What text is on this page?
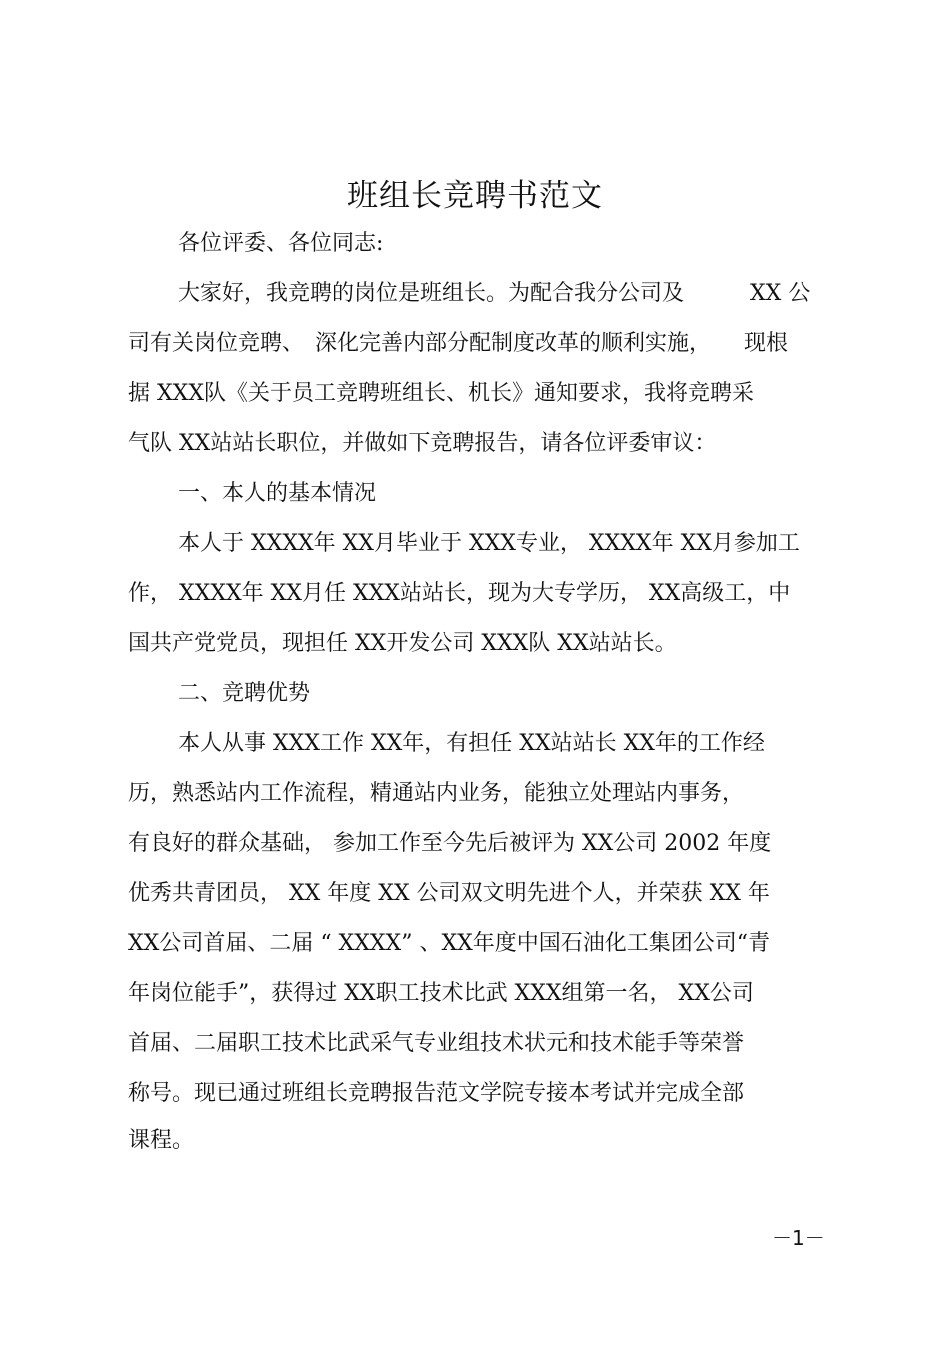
班组长竞聘书范文

各位评委、各位同志:

大家好，我竞聘的岗位是班组长。为配合我分公司及　　　XX 公

司有关岗位竞聘、　深化完善内部分配制度改革的顺利实施，　　现根

据 XXX队《关于员工竞聘班组长、机长》通知要求，我将竞聘采

气队 XX站站长职位，并做如下竞聘报告，请各位评委审议：

一、本人的基本情况

本人于 XXXX年 XX月毕业于 XXX专业， XXXX年 XX月参加工

作， XXXX年 XX月任 XXX站站长，现为大专学历， XX高级工，中

国共产党党员，现担任 XX开发公司 XXX队 XX站站长。

二、竞聘优势

本人从事 XXX工作 XX年，有担任 XX站站长 XX年的工作经

历，熟悉站内工作流程，精通站内业务，能独立处理站内事务，

有良好的群众基础， 参加工作至今先后被评为 XX公司 2002 年度

优秀共青团员， XX 年度 XX 公司双文明先进个人，并荣获 XX 年

XX公司首届、二届 “ XXXX” 、XX年度中国石油化工集团公司“青

年岗位能手”，获得过 XX职工技术比武 XXX组第一名， XX公司

首届、二届职工技术比武采气专业组技术状元和技术能手等荣誉

称号。现已通过班组长竞聘报告范文学院专接本考试并完成全部

课程。

－1－
